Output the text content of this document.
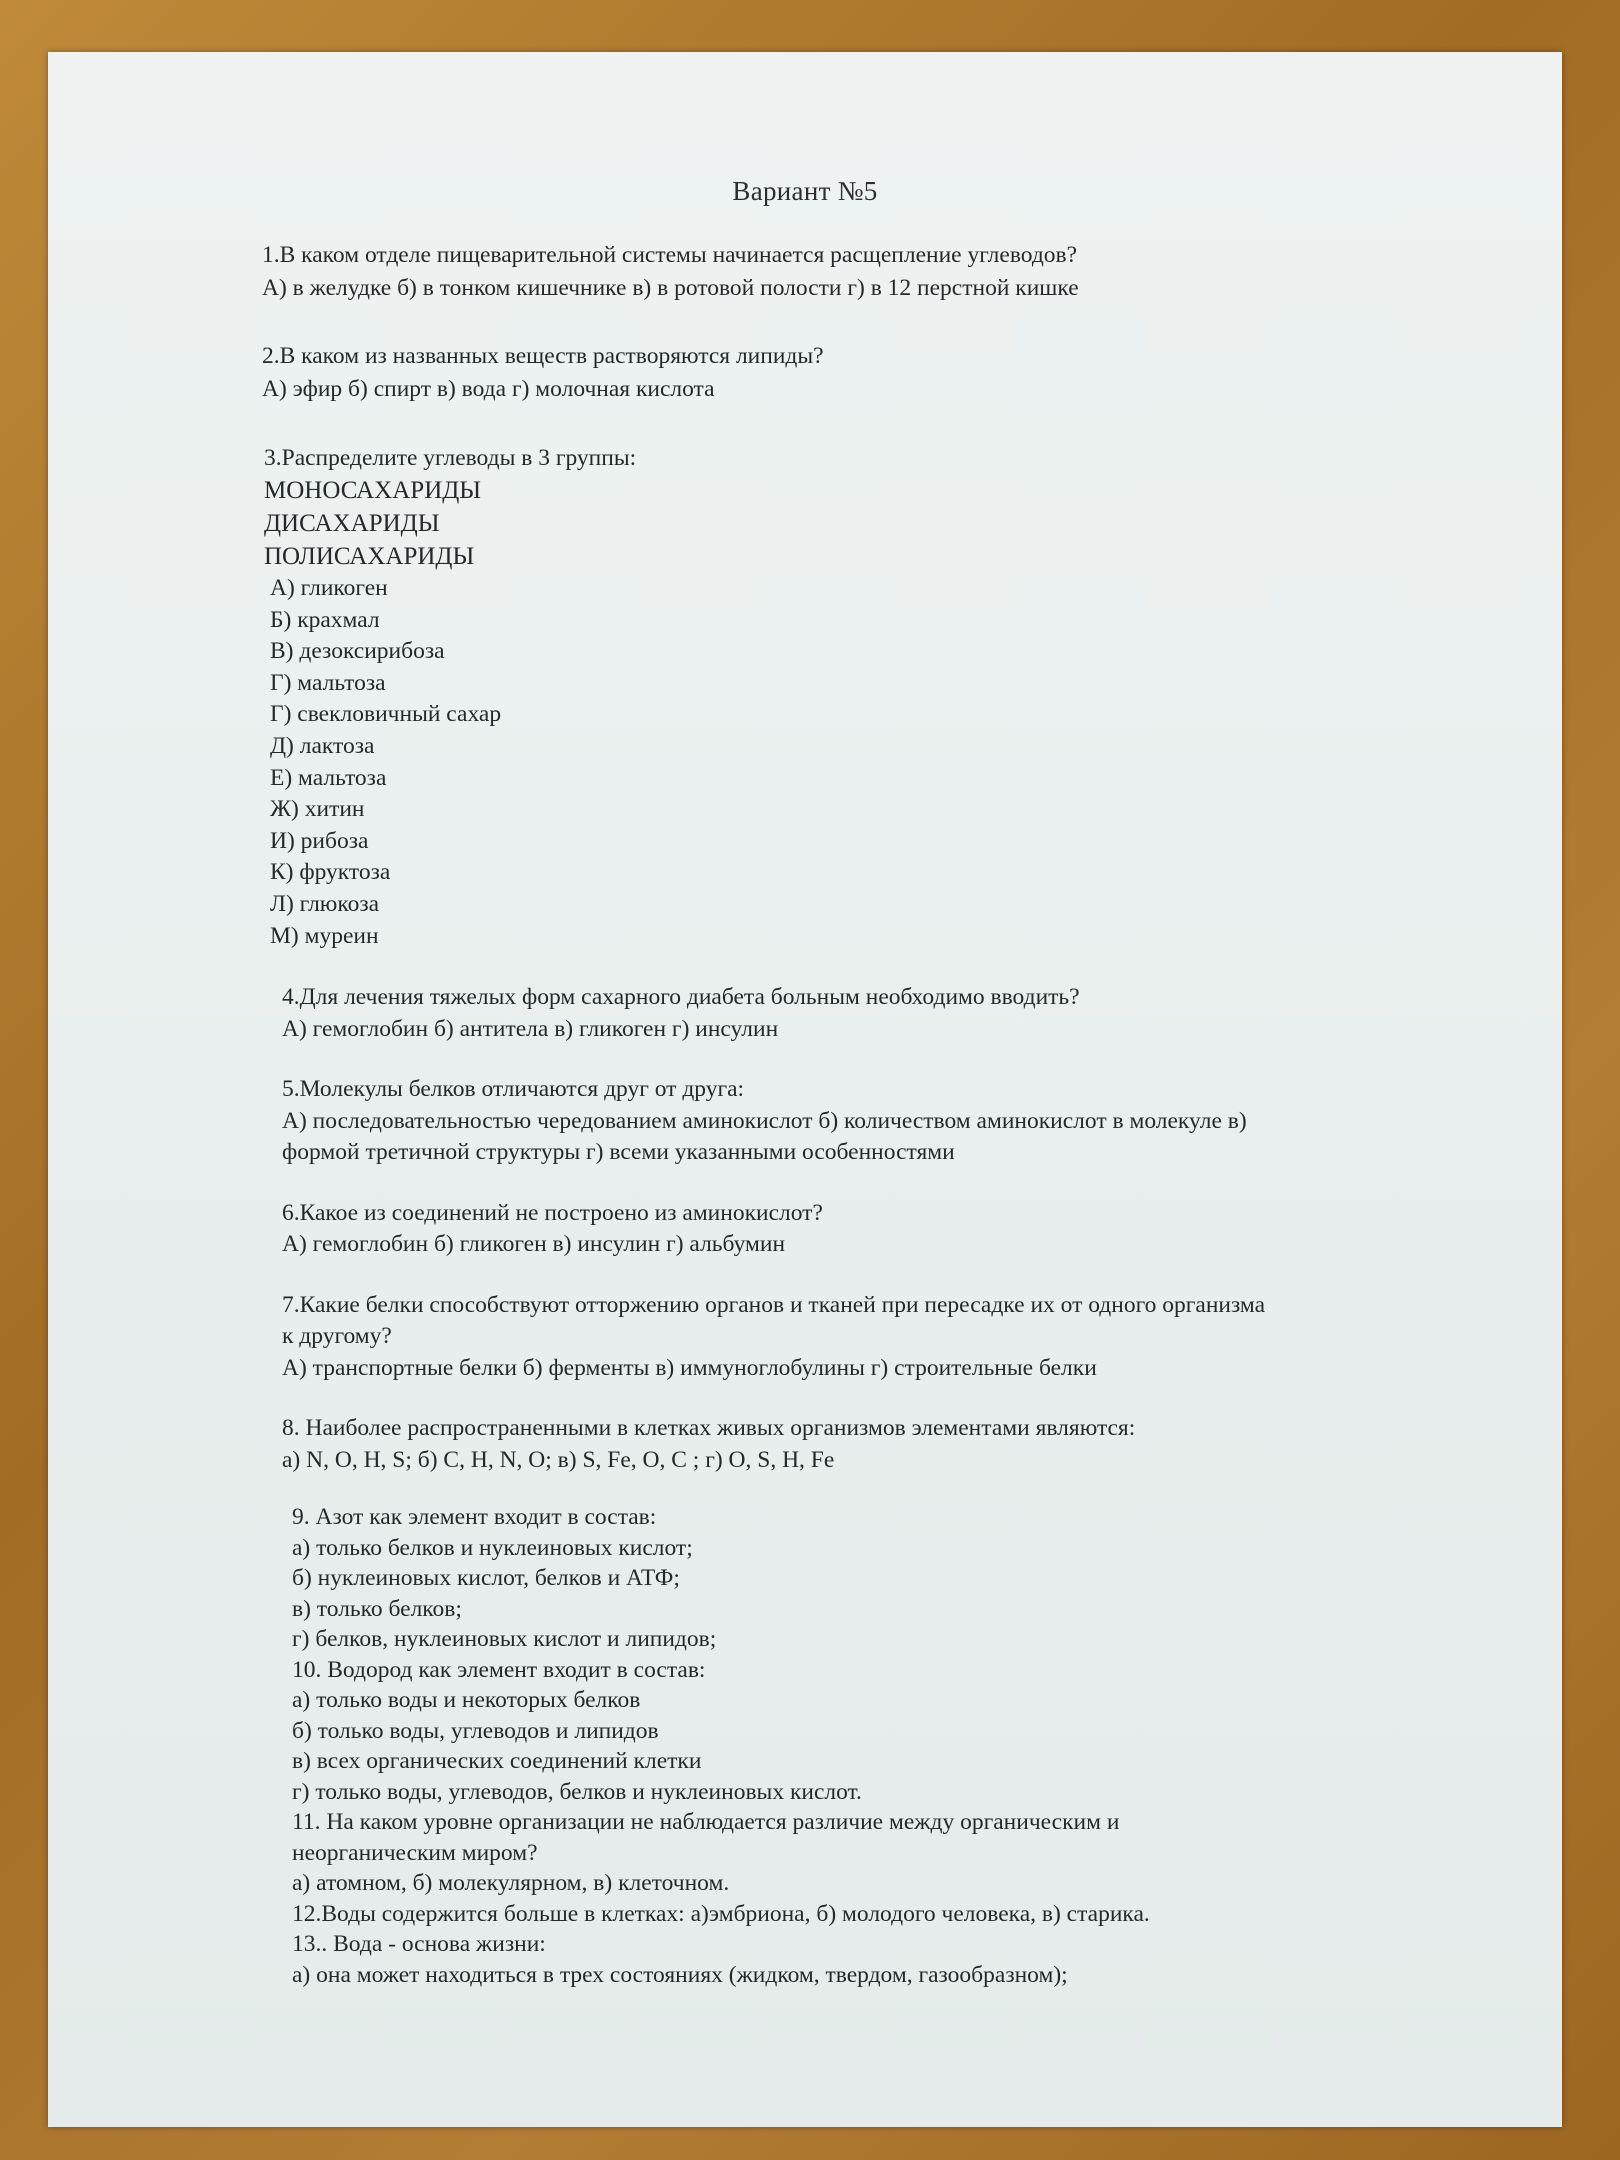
Вариант №5
1.В каком отделе пищеварительной системы начинается расщепление углеводов?
А) в желудке б) в тонком кишечнике в) в ротовой полости г) в 12 перстной кишке
2.В каком из названных веществ растворяются липиды?
А) эфир б) спирт в) вода г) молочная кислота
3.Распределите углеводы в 3 группы:
МОНОСАХАРИДЫ
ДИСАХАРИДЫ
ПОЛИСАХАРИДЫ
А) гликоген
Б) крахмал
В) дезоксирибоза
Г) мальтоза
Г) свекловичный сахар
Д) лактоза
Е) мальтоза
Ж) хитин
И) рибоза
К) фруктоза
Л) глюкоза
М) муреин
4.Для лечения тяжелых форм сахарного диабета больным необходимо вводить?
А) гемоглобин б) антитела в) гликоген г) инсулин
5.Молекулы белков отличаются друг от друга:
А) последовательностью чередованием аминокислот б) количеством аминокислот в молекуле в)
формой третичной структуры г) всеми указанными особенностями
6.Какое из соединений не построено из аминокислот?
А) гемоглобин б) гликоген в) инсулин г) альбумин
7.Какие белки способствуют отторжению органов и тканей при пересадке их от одного организма
к другому?
А) транспортные белки б) ферменты в) иммуноглобулины г) строительные белки
8. Наиболее распространенными в клетках живых организмов элементами являются:
а) N, O, H, S; б) C, H, N, O; в) S, Fe, O, C ; г) O, S, H, Fe
9. Азот как элемент входит в состав:
а) только белков и нуклеиновых кислот;
б) нуклеиновых кислот, белков и АТФ;
в) только белков;
г) белков, нуклеиновых кислот и липидов;
10. Водород как элемент входит в состав:
а) только воды и некоторых белков
б) только воды, углеводов и липидов
в) всех органических соединений клетки
г) только воды, углеводов, белков и нуклеиновых кислот.
11. На каком уровне организации не наблюдается различие между органическим и
неорганическим миром?
а) атомном, б) молекулярном, в) клеточном.
12.Воды содержится больше в клетках: а)эмбриона, б) молодого человека, в) старика.
13.. Вода - основа жизни:
а) она может находиться в трех состояниях (жидком, твердом, газообразном);
